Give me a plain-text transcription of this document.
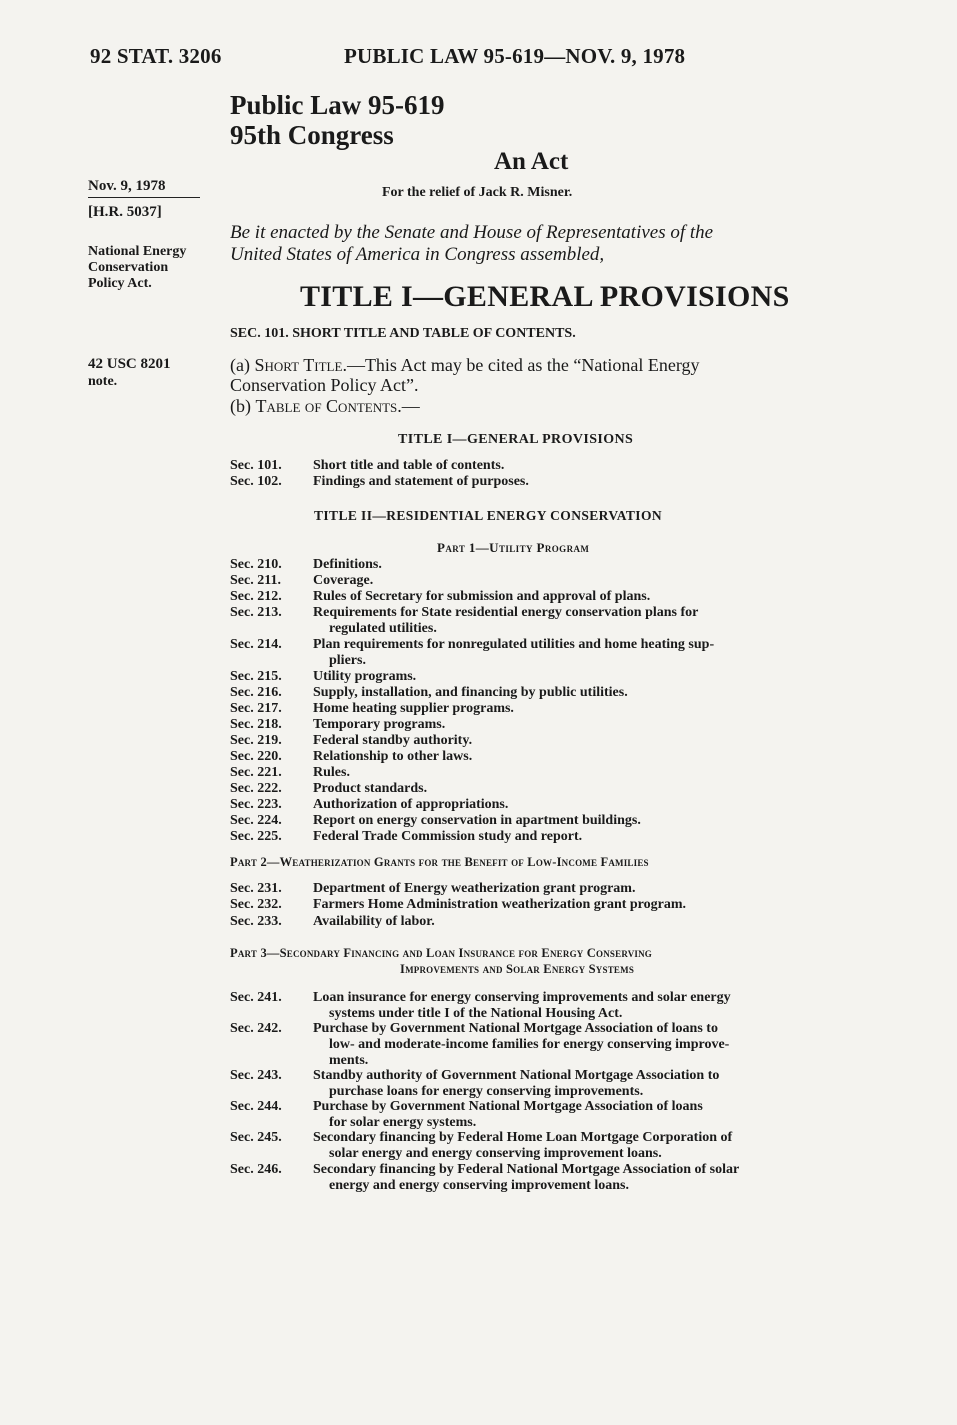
92 STAT. 3206	PUBLIC LAW 95-619—NOV. 9, 1978
Public Law 95-619
95th Congress
An Act
For the relief of Jack R. Misner.
Nov. 9, 1978
[H.R. 5037]
National Energy
Conservation
Policy Act.
42 USC 8201
note.
Be it enacted by the Senate and House of Representatives of the
United States of America in Congress assembled,
TITLE I—GENERAL PROVISIONS
SEC. 101. SHORT TITLE AND TABLE OF CONTENTS.
(a) Short Title.—This Act may be cited as the “National Energy
Conservation Policy Act”.
(b) Table of Contents.—
TITLE I—GENERAL PROVISIONS
Sec. 101.	Short title and table of contents.
Sec. 102.	Findings and statement of purposes.
TITLE II—RESIDENTIAL ENERGY CONSERVATION
Part 1—Utility Program
Sec. 210.	Definitions.
Sec. 211.	Coverage.
Sec. 212.	Rules of Secretary for submission and approval of plans.
Sec. 213.	Requirements for State residential energy conservation plans for
regulated utilities.
Sec. 214.	Plan requirements for nonregulated utilities and home heating sup-
pliers.
Sec. 215.	Utility programs.
Sec. 216.	Supply, installation, and financing by public utilities.
Sec. 217.	Home heating supplier programs.
Sec. 218.	Temporary programs.
Sec. 219.	Federal standby authority.
Sec. 220.	Relationship to other laws.
Sec. 221.	Rules.
Sec. 222.	Product standards.
Sec. 223.	Authorization of appropriations.
Sec. 224.	Report on energy conservation in apartment buildings.
Sec. 225.	Federal Trade Commission study and report.
Part 2—Weatherization Grants for the Benefit of Low-Income Families
Sec. 231.	Department of Energy weatherization grant program.
Sec. 232.	Farmers Home Administration weatherization grant program.
Sec. 233.	Availability of labor.
Part 3—Secondary Financing and Loan Insurance for Energy Conserving
Improvements and Solar Energy Systems
Sec. 241.	Loan insurance for energy conserving improvements and solar energy
systems under title I of the National Housing Act.
Sec. 242.	Purchase by Government National Mortgage Association of loans to
low- and moderate-income families for energy conserving improve-
ments.
Sec. 243.	Standby authority of Government National Mortgage Association to
purchase loans for energy conserving improvements.
Sec. 244.	Purchase by Government National Mortgage Association of loans
for solar energy systems.
Sec. 245.	Secondary financing by Federal Home Loan Mortgage Corporation of
solar energy and energy conserving improvement loans.
Sec. 246.	Secondary financing by Federal National Mortgage Association of solar
energy and energy conserving improvement loans.
